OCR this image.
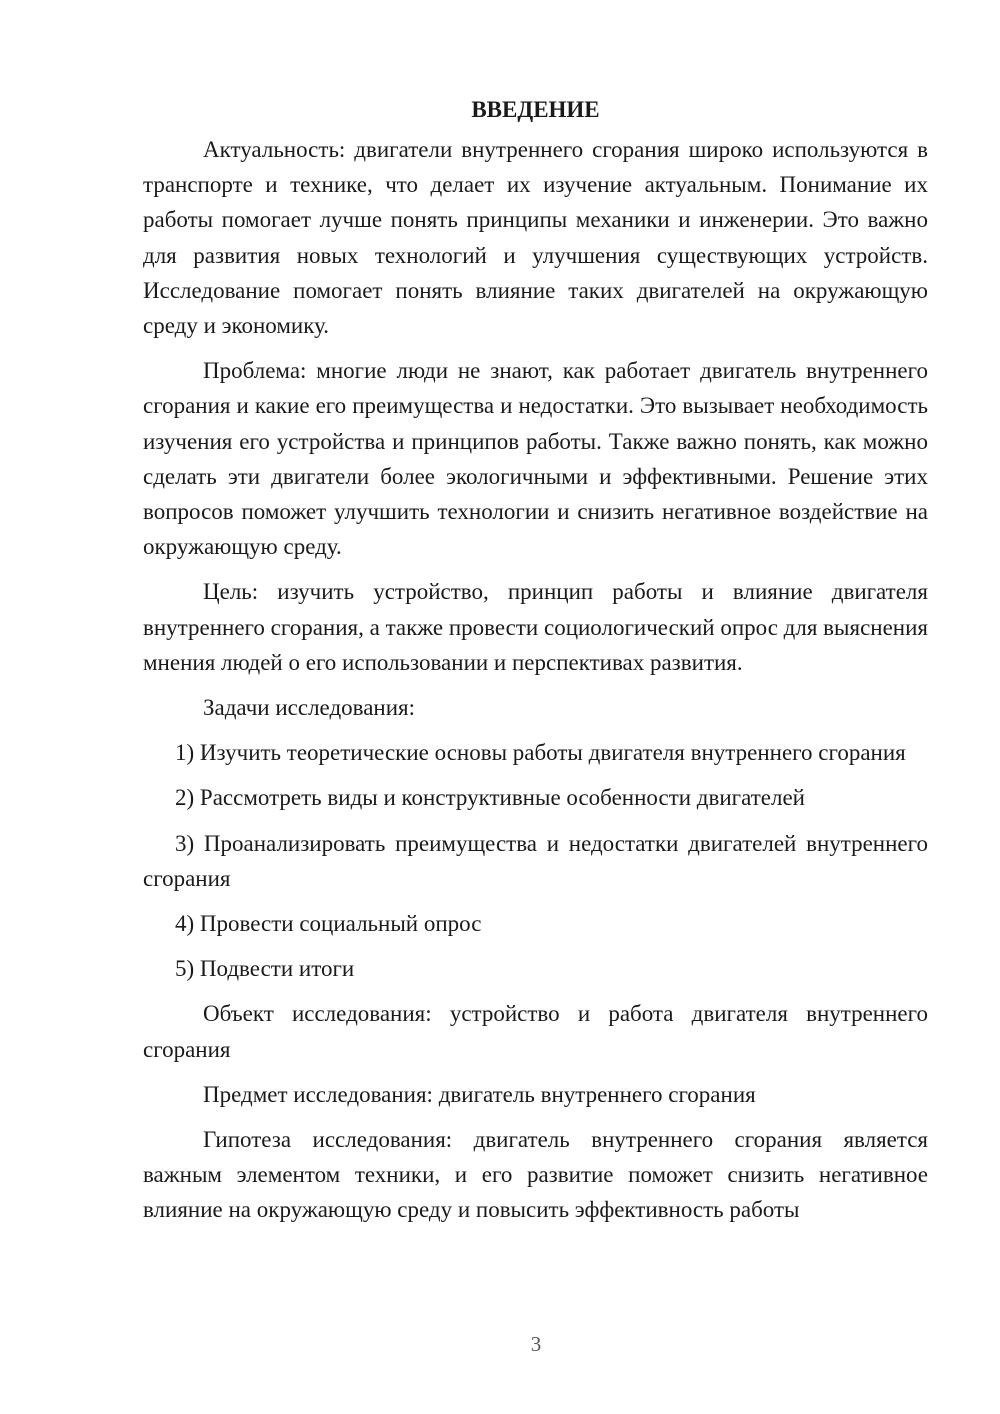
ВВЕДЕНИЕ

Актуальность: двигатели внутреннего сгорания широко используются в транспорте и технике, что делает их изучение актуальным. Понимание их работы помогает лучше понять принципы механики и инженерии. Это важно для развития новых технологий и улучшения существующих устройств. Исследование помогает понять влияние таких двигателей на окружающую среду и экономику.

Проблема: многие люди не знают, как работает двигатель внутреннего сгорания и какие его преимущества и недостатки. Это вызывает необходимость изучения его устройства и принципов работы. Также важно понять, как можно сделать эти двигатели более экологичными и эффективными. Решение этих вопросов поможет улучшить технологии и снизить негативное воздействие на окружающую среду.

Цель: изучить устройство, принцип работы и влияние двигателя внутреннего сгорания, а также провести социологический опрос для выяснения мнения людей о его использовании и перспективах развития.

Задачи исследования:

1) Изучить теоретические основы работы двигателя внутреннего сгорания

2) Рассмотреть виды и конструктивные особенности двигателей

3) Проанализировать преимущества и недостатки двигателей внутреннего сгорания

4) Провести социальный опрос

5) Подвести итоги

Объект исследования: устройство и работа двигателя внутреннего сгорания

Предмет исследования: двигатель внутреннего сгорания

Гипотеза исследования: двигатель внутреннего сгорания является важным элементом техники, и его развитие поможет снизить негативное влияние на окружающую среду и повысить эффективность работы

3
